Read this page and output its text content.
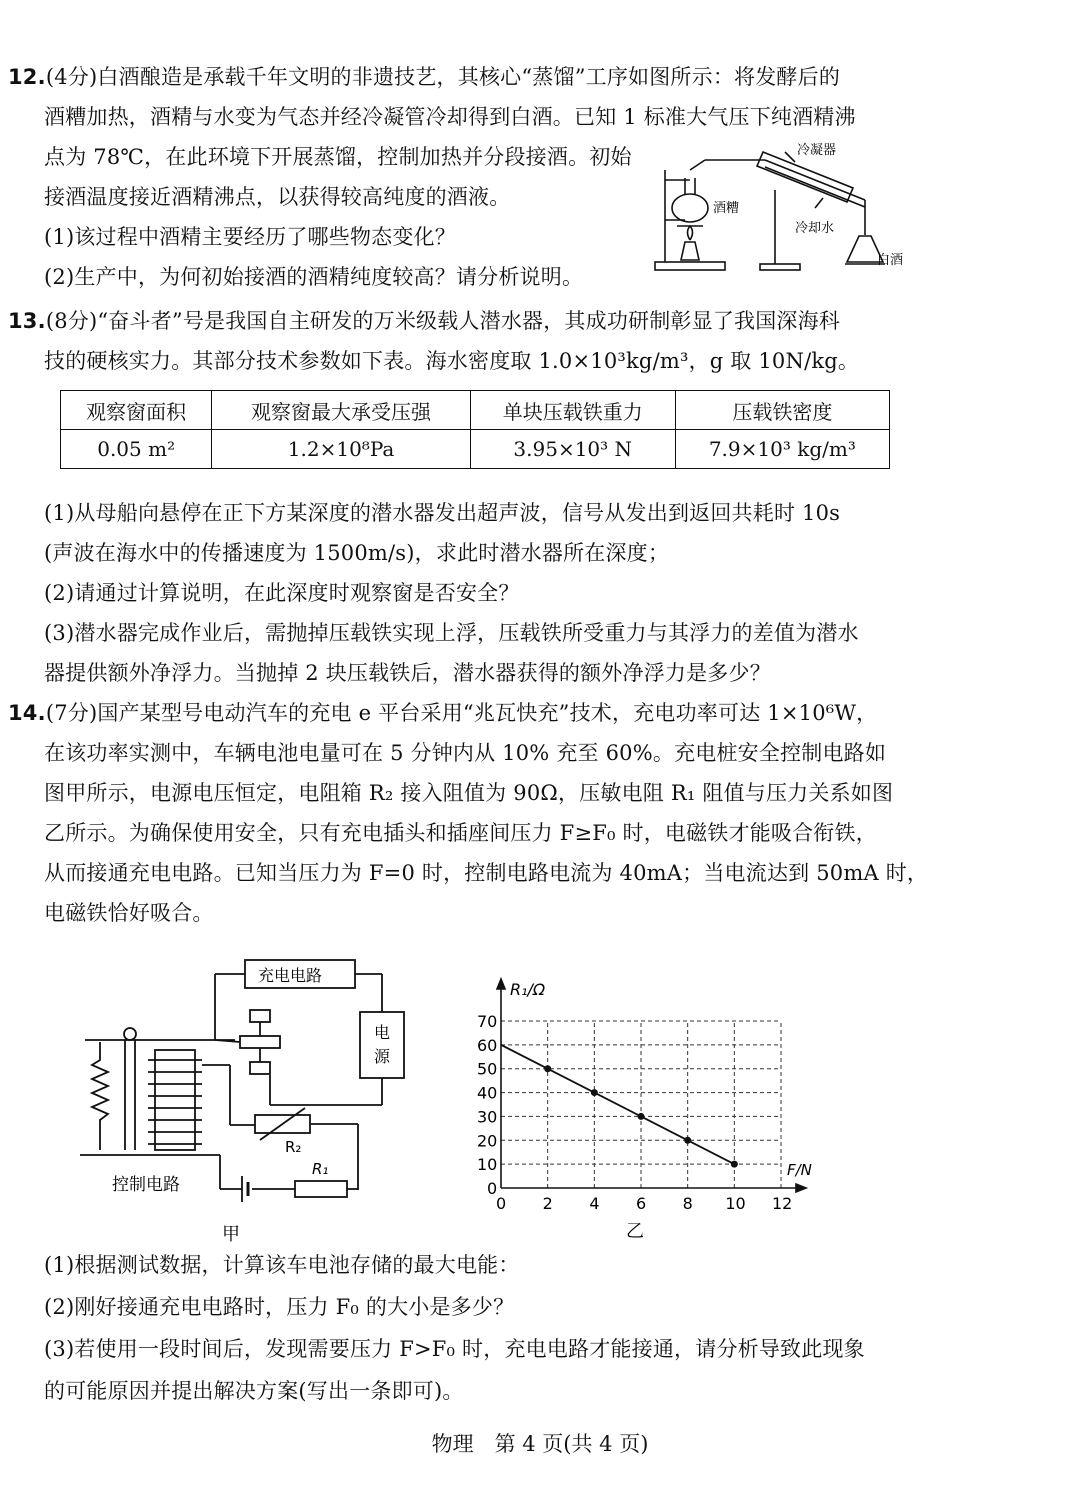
12.(4分)白酒酿造是承载千年文明的非遗技艺，其核心“蒸馏”工序如图所示：将发酵后的
酒糟加热，酒精与水变为气态并经冷凝管冷却得到白酒。已知 1 标准大气压下纯酒精沸
点为 78℃，在此环境下开展蒸馏，控制加热并分段接酒。初始
接酒温度接近酒精沸点，以获得较高纯度的酒液。
(1)该过程中酒精主要经历了哪些物态变化？
(2)生产中，为何初始接酒的酒精纯度较高？请分析说明。
冷凝器
酒糟
冷却水
白酒
13.(8分)“奋斗者”号是我国自主研发的万米级载人潜水器，其成功研制彰显了我国深海科
技的硬核实力。其部分技术参数如下表。海水密度取 1.0×10³kg/m³，g 取 10N/kg。
观察窗面积	观察窗最大承受压强	单块压载铁重力	压载铁密度
0.05 m²	1.2×10⁸Pa	3.95×10³ N	7.9×10³ kg/m³
(1)从母船向悬停在正下方某深度的潜水器发出超声波，信号从发出到返回共耗时 10s
(声波在海水中的传播速度为 1500m/s)，求此时潜水器所在深度；
(2)请通过计算说明，在此深度时观察窗是否安全？
(3)潜水器完成作业后，需抛掉压载铁实现上浮，压载铁所受重力与其浮力的差值为潜水
器提供额外净浮力。当抛掉 2 块压载铁后，潜水器获得的额外净浮力是多少？
14.(7分)国产某型号电动汽车的充电 e 平台采用“兆瓦快充”技术，充电功率可达 1×10⁶W，
在该功率实测中，车辆电池电量可在 5 分钟内从 10% 充至 60%。充电桩安全控制电路如
图甲所示，电源电压恒定，电阻箱 R₂ 接入阻值为 90Ω，压敏电阻 R₁ 阻值与压力关系如图
乙所示。为确保使用安全，只有充电插头和插座间压力 F≥F₀ 时，电磁铁才能吸合衔铁，
从而接通充电电路。已知当压力为 F=0 时，控制电路电流为 40mA；当电流达到 50mA 时，
电磁铁恰好吸合。
充电电路
电
源
R₂
R₁
控制电路
甲
0 2 4 6 8 10 12
0
10
20
30
40
50
60
70
R₁/Ω
F/N
乙
(1)根据测试数据，计算该车电池存储的最大电能：
(2)刚好接通充电电路时，压力 F₀ 的大小是多少？
(3)若使用一段时间后，发现需要压力 F>F₀ 时，充电电路才能接通，请分析导致此现象
的可能原因并提出解决方案(写出一条即可)。
物理　第 4 页(共 4 页)
